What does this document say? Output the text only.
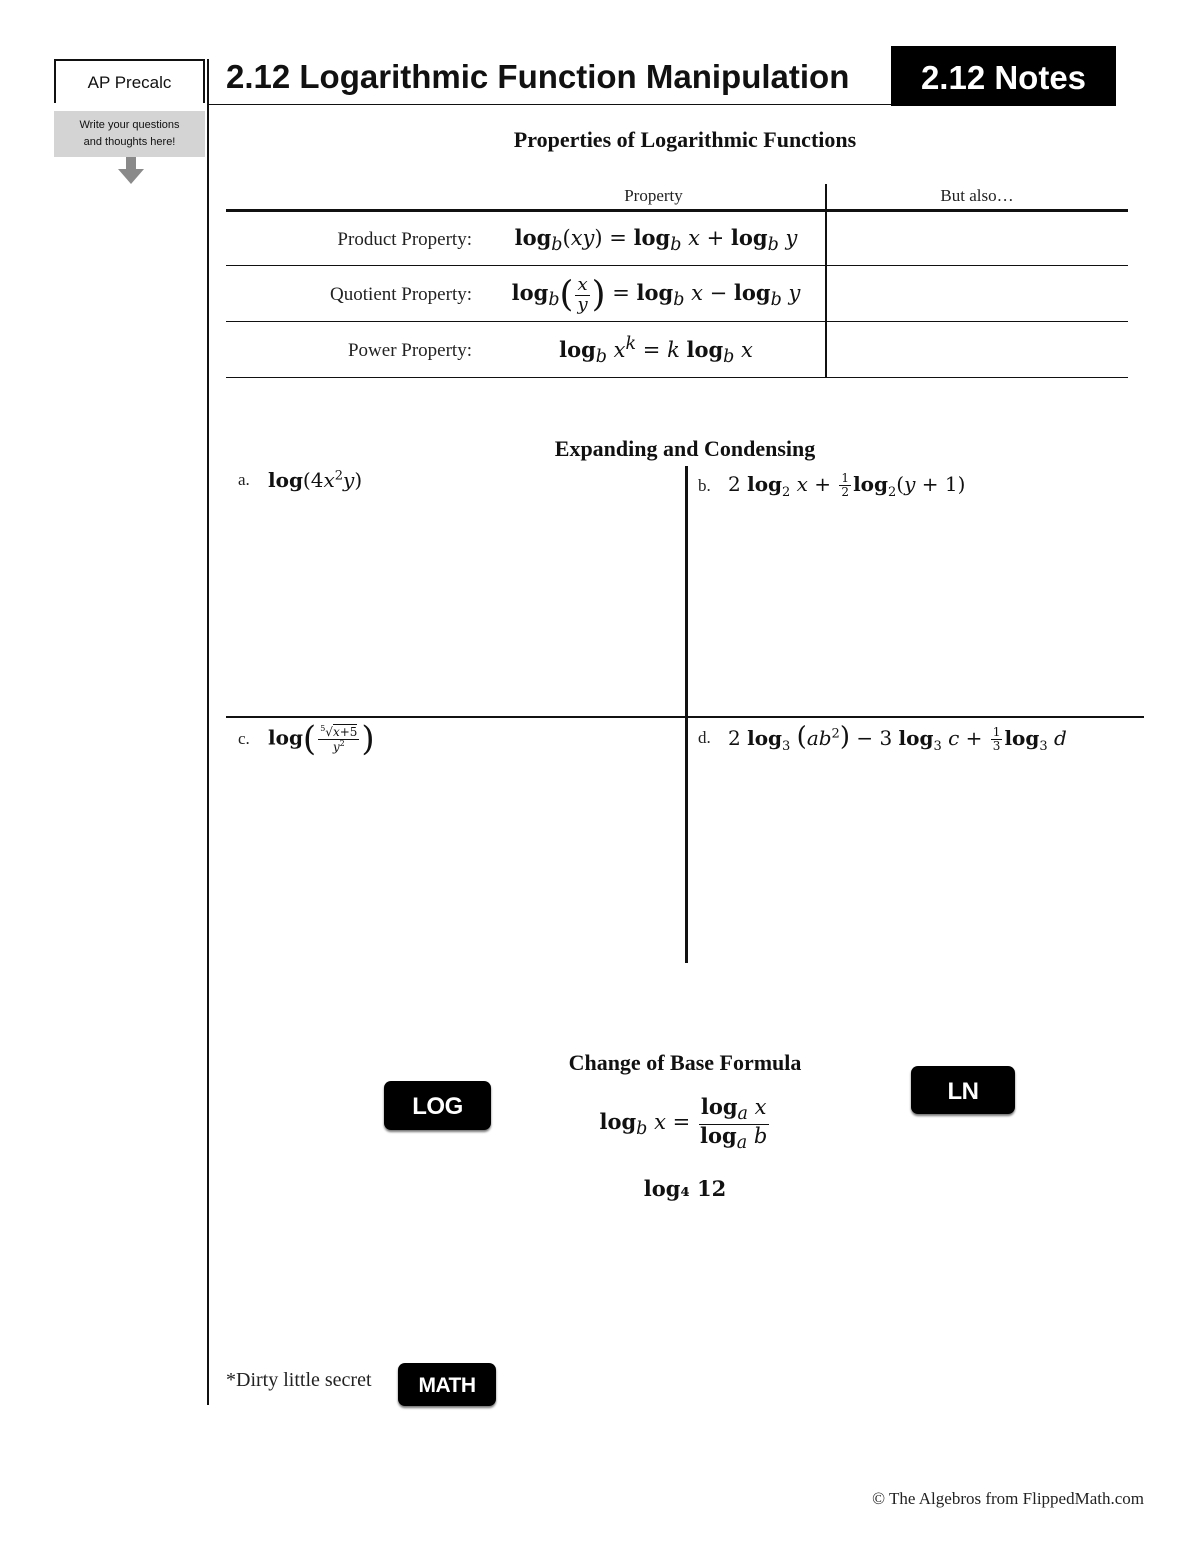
AP Precalc
Write your questions
and thoughts here!
2.12 Logarithmic Function Manipulation	2.12 Notes
Properties of Logarithmic Functions
Property	But also…
Product Property: $\log_b(xy) = \log_b x + \log_b y$
Quotient Property: $\log_b$ ( $\frac{x}{y}$ ) = $\log_b x - \log_b y$
Power Property:	$\log_b x^k = k$ $\log_b x$
Expanding and Condensing
a. $\log(4x^2y)$	b. 2 $\log_2 x + \frac{1}{2} \log_2(y + 1)$
c. $\log( \frac{^5√x+5}{y^2}$ )	d. 2 $\log_3 (ab^2) - 3$ $\log_3 c + \frac{1}{3} \log_3 d$
Change of Base Formula
LOG
LN
$\log_b x = \frac{\log_a x}{\log_a b}$
log₄ 12
*Dirty little secret	MATH
© The Algebros from FlippedMath.com
